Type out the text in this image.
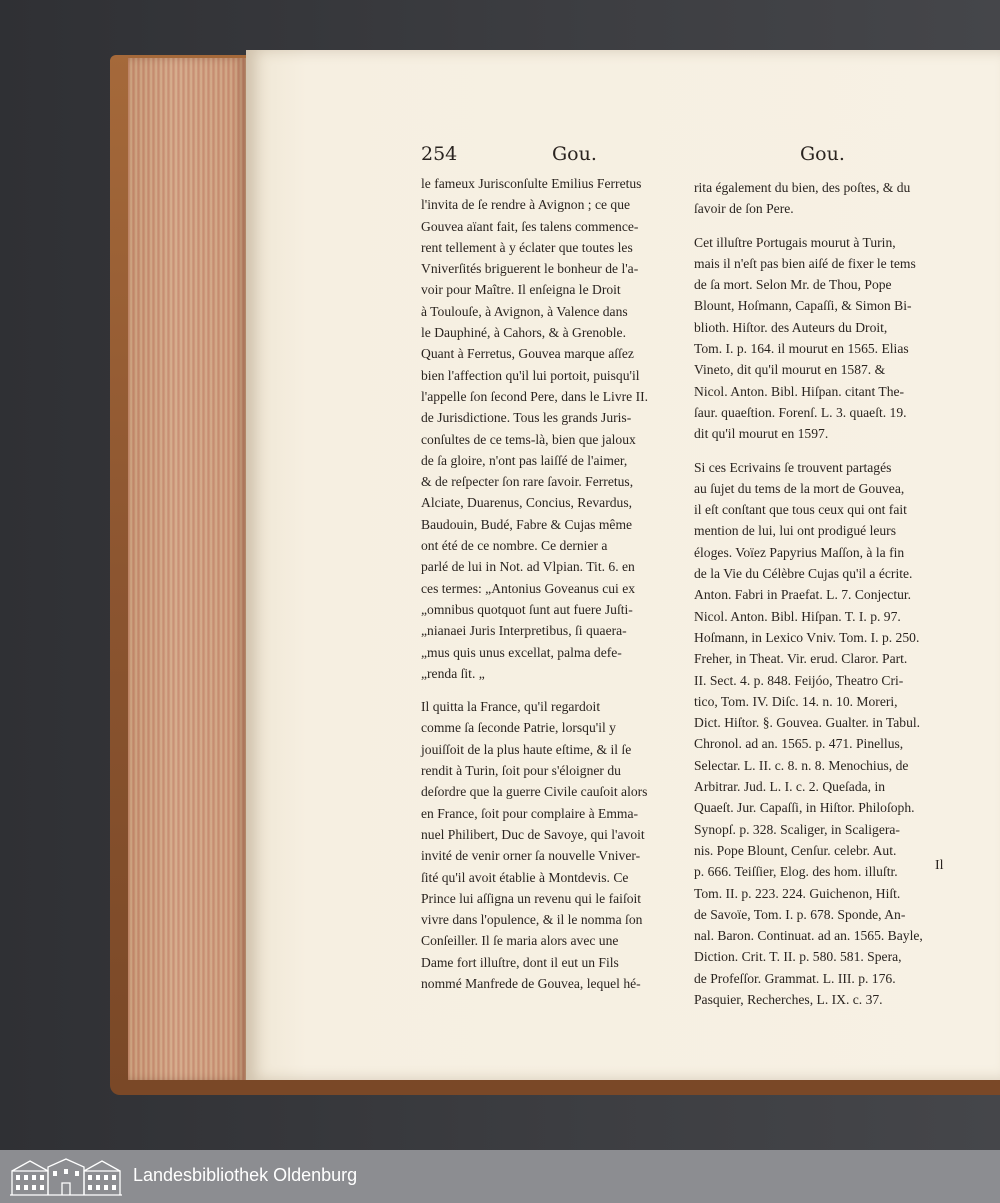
254	Gou.	Gou.
le fameux Jurisconſulte Emilius Ferretus
l'invita de ſe rendre à Avignon ; ce que
Gouvea aïant fait, ſes talens commence-
rent tellement à y éclater que toutes les
Vniverſités briguerent le bonheur de l'a-
voir pour Maître. Il enſeigna le Droit
à Toulouſe, à Avignon, à Valence dans
le Dauphiné, à Cahors, & à Grenoble.
Quant à Ferretus, Gouvea marque aſſez
bien l'affection qu'il lui portoit, puisqu'il
l'appelle ſon ſecond Pere, dans le Livre II.
de Jurisdictione. Tous les grands Juris-
conſultes de ce tems-là, bien que jaloux
de ſa gloire, n'ont pas laiſſé de l'aimer,
& de reſpecter ſon rare ſavoir. Ferretus,
Alciate, Duarenus, Concius, Revardus,
Baudouin, Budé, Fabre & Cujas même
ont été de ce nombre. Ce dernier a
parlé de lui in Not. ad Vlpian. Tit. 6. en
ces termes: „Antonius Goveanus cui ex
„omnibus quotquot ſunt aut fuere Juſti-
„nianaei Juris Interpretibus, ſi quaera-
„mus quis unus excellat, palma defe-
„renda ſit. „
Il quitta la France, qu'il regardoit
comme ſa ſeconde Patrie, lorsqu'il y
jouiſſoit de la plus haute eſtime, & il ſe
rendit à Turin, ſoit pour s'éloigner du
deſordre que la guerre Civile cauſoit alors
en France, ſoit pour complaire à Emma-
nuel Philibert, Duc de Savoye, qui l'avoit
invité de venir orner ſa nouvelle Vniver-
ſité qu'il avoit établie à Montdevis. Ce
Prince lui aſſigna un revenu qui le faiſoit
vivre dans l'opulence, & il le nomma ſon
Conſeiller. Il ſe maria alors avec une
Dame fort illuſtre, dont il eut un Fils
nommé Manfrede de Gouvea, lequel hé-
rita également du bien, des poſtes, & du
ſavoir de ſon Pere.
Cet illuſtre Portugais mourut à Turin,
mais il n'eſt pas bien aiſé de fixer le tems
de ſa mort. Selon Mr. de Thou, Pope
Blount, Hoſmann, Capaſſi, & Simon Bi-
blioth. Hiſtor. des Auteurs du Droit,
Tom. I. p. 164. il mourut en 1565. Elias
Vineto, dit qu'il mourut en 1587. &
Nicol. Anton. Bibl. Hiſpan. citant The-
ſaur. quaeſtion. Forenſ. L. 3. quaeſt. 19.
dit qu'il mourut en 1597.
Si ces Ecrivains ſe trouvent partagés
au ſujet du tems de la mort de Gouvea,
il eſt conſtant que tous ceux qui ont fait
mention de lui, lui ont prodigué leurs
éloges. Voïez Papyrius Maſſon, à la fin
de la Vie du Célèbre Cujas qu'il a écrite.
Anton. Fabri in Praefat. L. 7. Conjectur.
Nicol. Anton. Bibl. Hiſpan. T. I. p. 97.
Hoſmann, in Lexico Vniv. Tom. I. p. 250.
Freher, in Theat. Vir. erud. Claror. Part.
II. Sect. 4. p. 848. Feijóo, Theatro Cri-
tico, Tom. IV. Diſc. 14. n. 10. Moreri,
Dict. Hiſtor. §. Gouvea. Gualter. in Tabul.
Chronol. ad an. 1565. p. 471. Pinellus,
Selectar. L. II. c. 8. n. 8. Menochius, de
Arbitrar. Jud. L. I. c. 2. Queſada, in
Quaeſt. Jur. Capaſſi, in Hiſtor. Philoſoph.
Synopſ. p. 328. Scaliger, in Scaligera-
nis. Pope Blount, Cenſur. celebr. Aut.
p. 666. Teiſſier, Elog. des hom. illuſtr.
Tom. II. p. 223. 224. Guichenon, Hiſt.
de Savoïe, Tom. I. p. 678. Sponde, An-
nal. Baron. Continuat. ad an. 1565. Bayle,
Diction. Crit. T. II. p. 580. 581. Spera,
de Profeſſor. Grammat. L. III. p. 176.
Pasquier, Recherches, L. IX. c. 37.
Il
Landesbibliothek Oldenburg
